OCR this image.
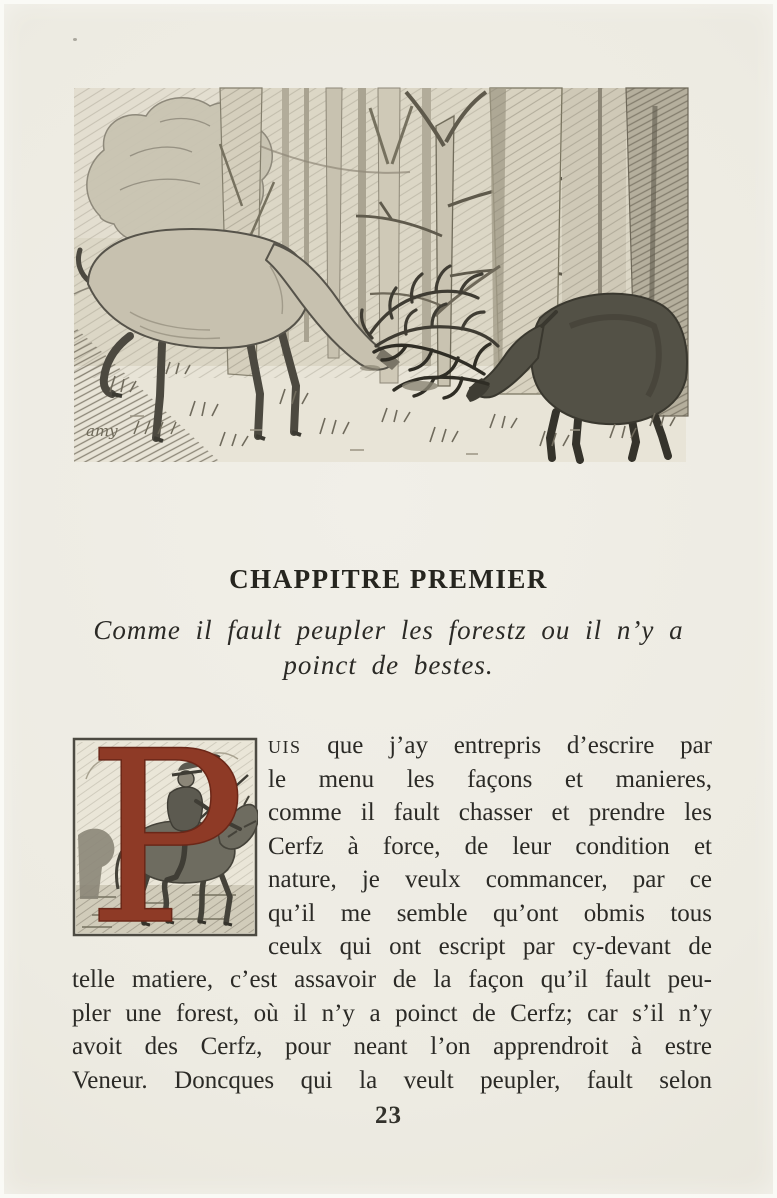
amy
CHAPPITRE PREMIER
Comme il fault peupler les forestz ou il n’y a
poinct de bestes.
P uis que j’ay entrepris d’escrire par
le menu les façons et manieres,
comme il fault chasser et prendre les
Cerfz à force, de leur condition et
nature, je veulx commancer, par ce
qu’il me semble qu’ont obmis tous
ceulx qui ont escript par cy-devant de
telle matiere, c’est assavoir de la façon qu’il fault peu-
pler une forest, où il n’y a poinct de Cerfz; car s’il n’y
avoit des Cerfz, pour neant l’on apprendroit à estre
Veneur. Doncques qui la veult peupler, fault selon
23
